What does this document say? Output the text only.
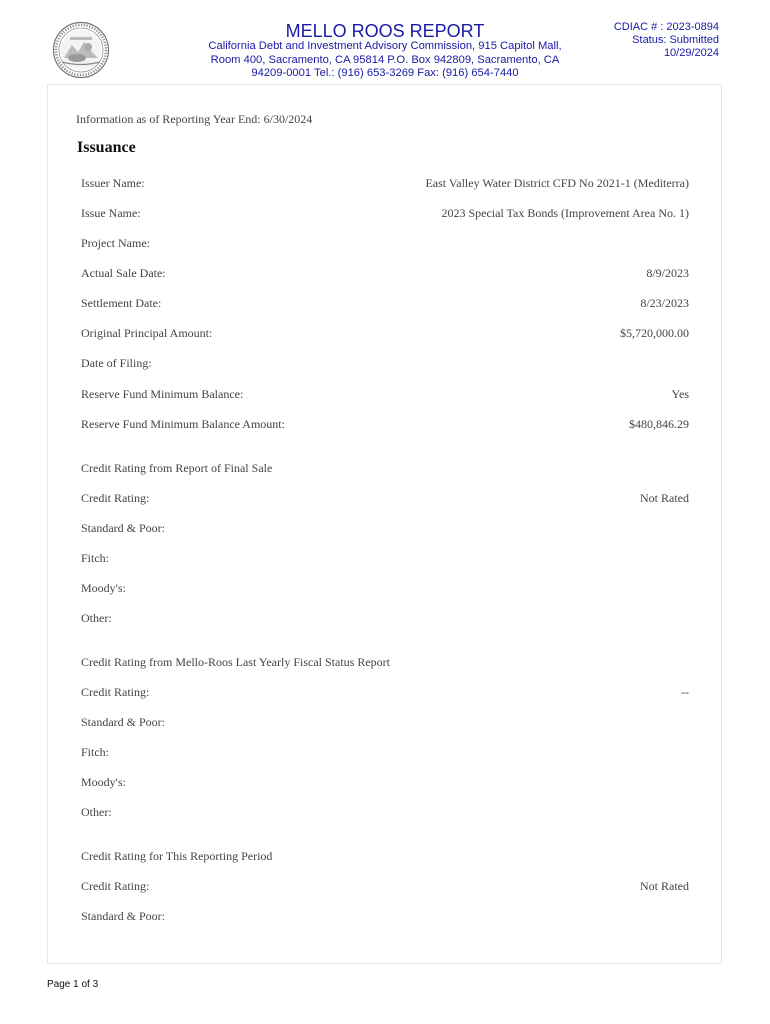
MELLO ROOS REPORT
California Debt and Investment Advisory Commission, 915 Capitol Mall,
Room 400, Sacramento, CA 95814 P.O. Box 942809, Sacramento, CA
94209-0001 Tel.: (916) 653-3269 Fax: (916) 654-7440
CDIAC # : 2023-0894
Status: Submitted
10/29/2024
Information as of Reporting Year End: 6/30/2024
Issuance
Issuer Name:	East Valley Water District CFD No 2021-1 (Mediterra)
Issue Name:	2023 Special Tax Bonds (Improvement Area No. 1)
Project Name:
Actual Sale Date:	8/9/2023
Settlement Date:	8/23/2023
Original Principal Amount:	$5,720,000.00
Date of Filing:
Reserve Fund Minimum Balance:	Yes
Reserve Fund Minimum Balance Amount:	$480,846.29
Credit Rating from Report of Final Sale
Credit Rating:	Not Rated
Standard & Poor:
Fitch:
Moody's:
Other:
Credit Rating from Mello-Roos Last Yearly Fiscal Status Report
Credit Rating:	--
Standard & Poor:
Fitch:
Moody's:
Other:
Credit Rating for This Reporting Period
Credit Rating:	Not Rated
Standard & Poor:
Page 1 of 3
